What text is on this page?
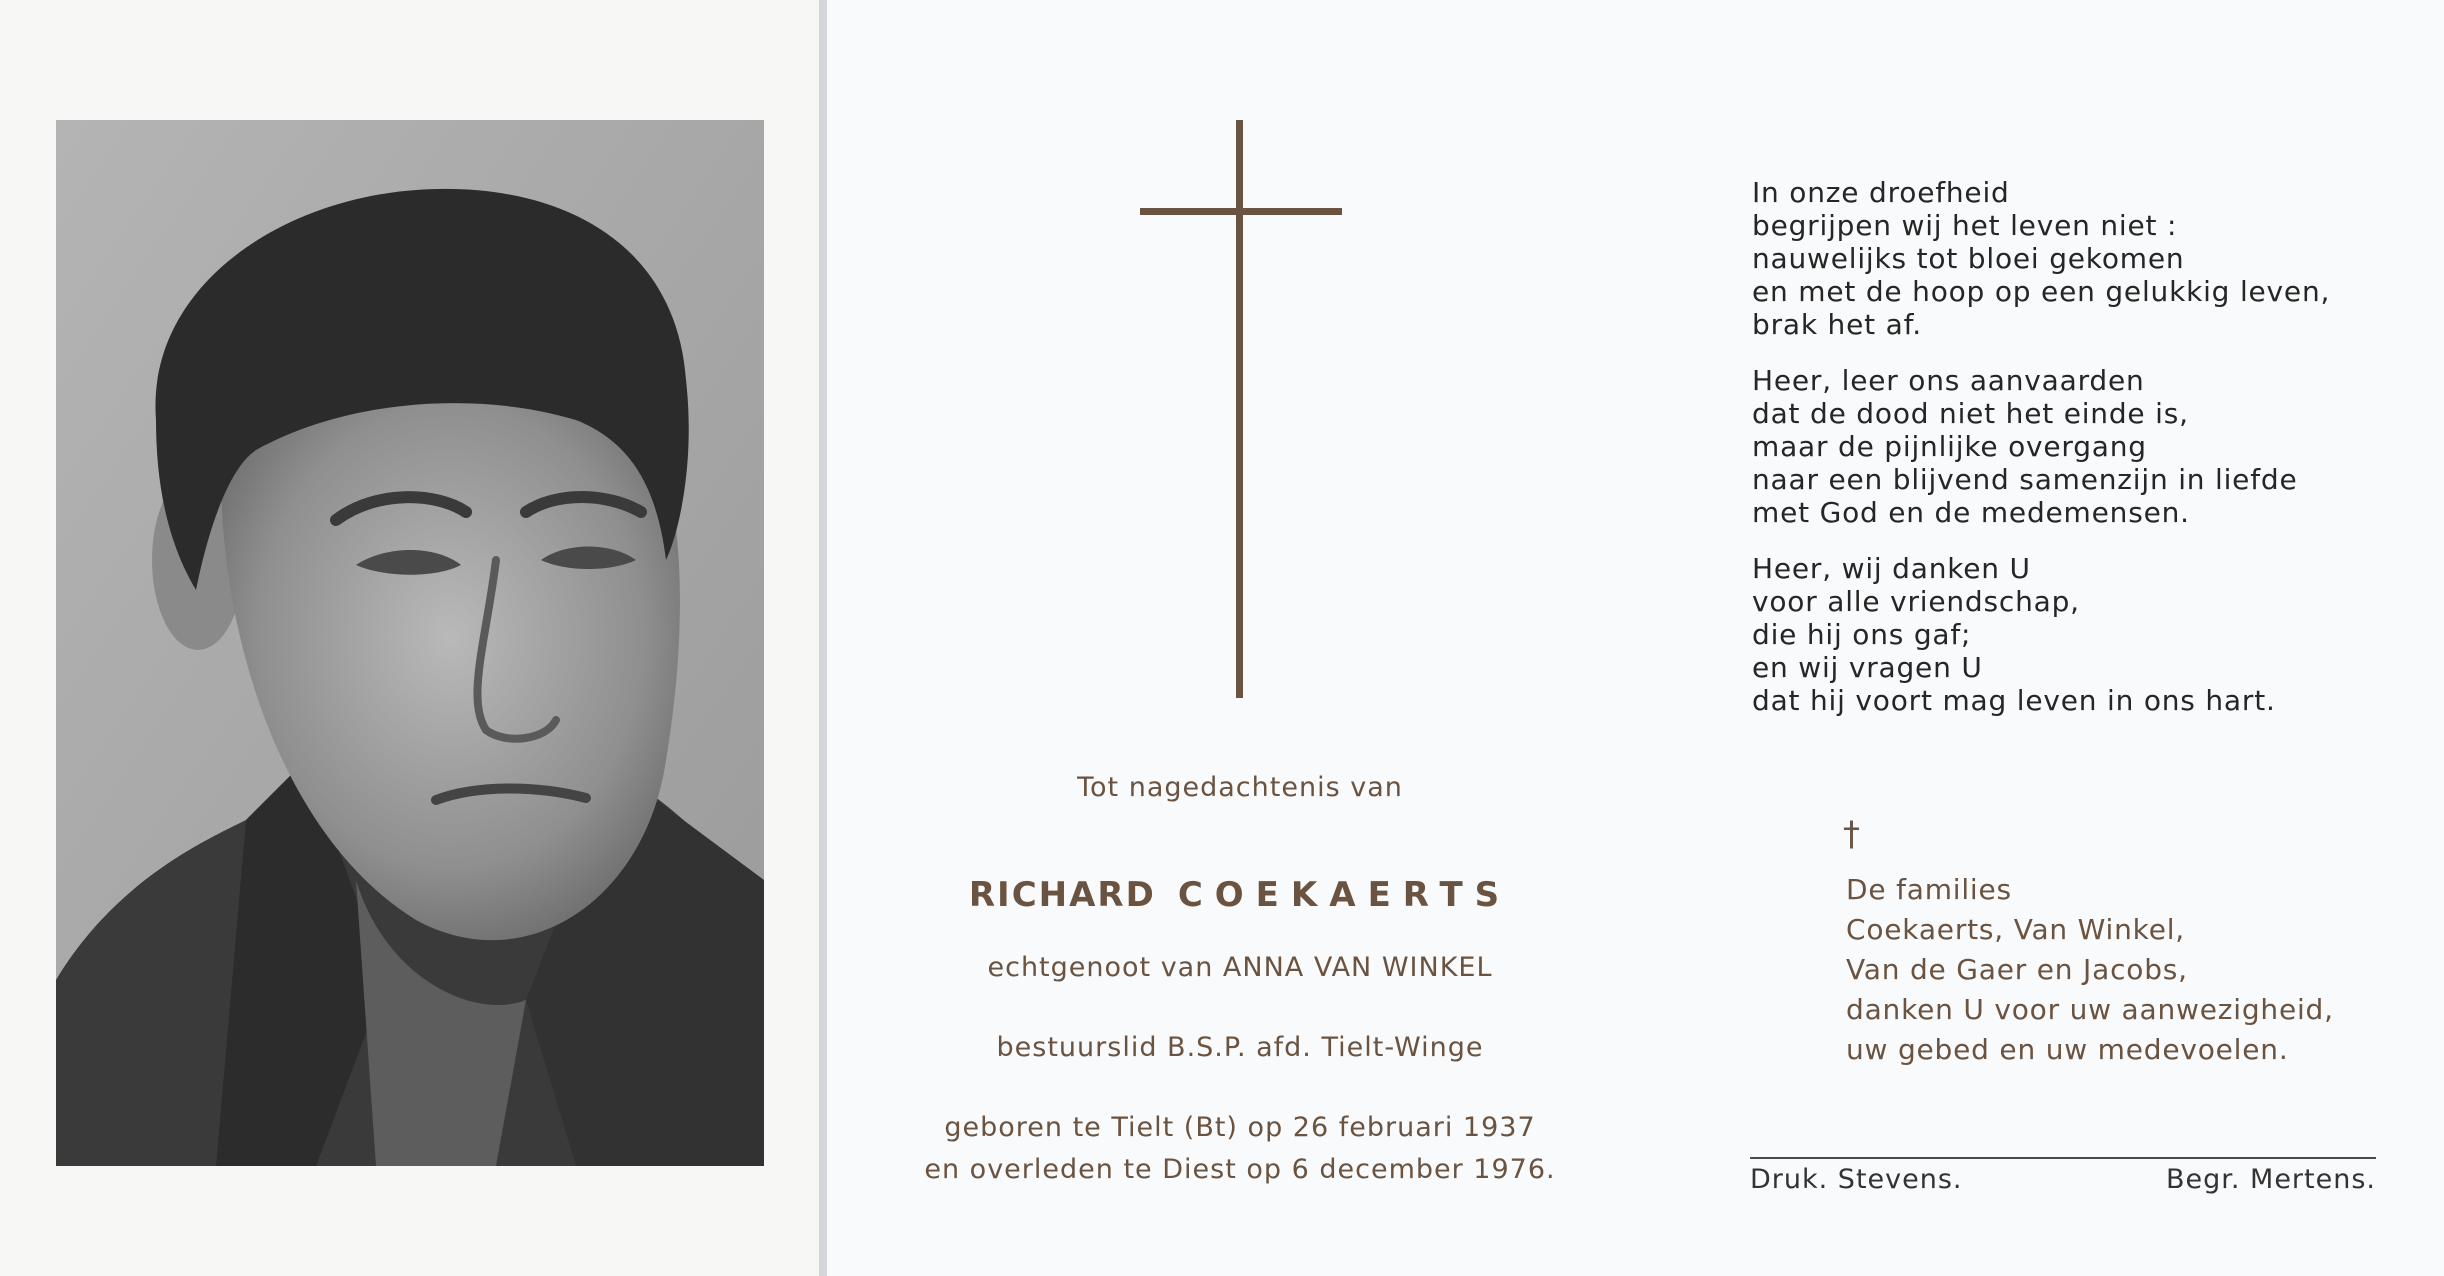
Tot nagedachtenis van
RICHARD COEKAERTS
echtgenoot van ANNA VAN WINKEL
bestuurslid B.S.P. afd. Tielt-Winge
geboren te Tielt (Bt) op 26 februari 1937
en overleden te Diest op 6 december 1976.
In onze droefheid
begrijpen wij het leven niet :
nauwelijks tot bloei gekomen
en met de hoop op een gelukkig leven,
brak het af.
Heer, leer ons aanvaarden
dat de dood niet het einde is,
maar de pijnlijke overgang
naar een blijvend samenzijn in liefde
met God en de medemensen.
Heer, wij danken U
voor alle vriendschap,
die hij ons gaf;
en wij vragen U
dat hij voort mag leven in ons hart.
†
De families
Coekaerts, Van Winkel,
Van de Gaer en Jacobs,
danken U voor uw aanwezigheid,
uw gebed en uw medevoelen.
Druk. Stevens.	Begr. Mertens.
